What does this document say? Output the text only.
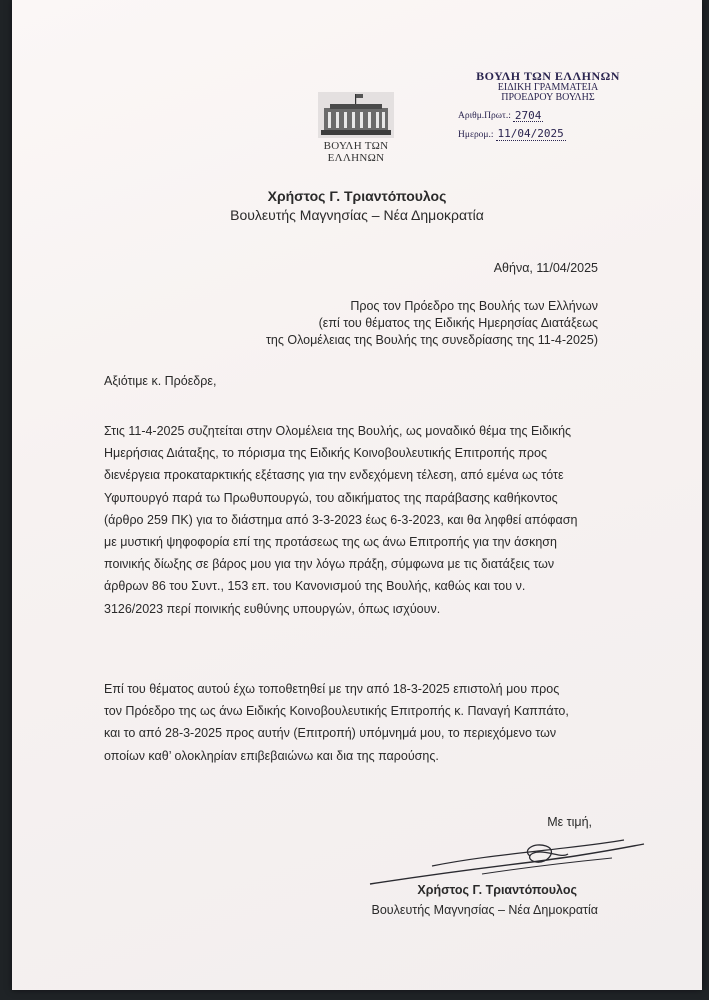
ΒΟΥΛΗ ΤΩΝ ΕΛΛΗΝΩΝ
ΕΙΔΙΚΗ ΓΡΑΜΜΑΤΕΙΑ
ΠΡΟΕΔΡΟΥ ΒΟΥΛΗΣ
Αριθμ.Πρωτ.: 2704
Ημερομ.: 11/04/2025
ΒΟΥΛΗ ΤΩΝ ΕΛΛΗΝΩΝ
Χρήστος Γ. Τριαντόπουλος
Βουλευτής Μαγνησίας – Νέα Δημοκρατία
Αθήνα, 11/04/2025
Προς τον Πρόεδρο της Βουλής των Ελλήνων
(επί του θέματος της Ειδικής Ημερησίας Διατάξεως
της Ολομέλειας της Βουλής της συνεδρίασης της 11-4-2025)
Αξιότιμε κ. Πρόεδρε,
Στις 11-4-2025 συζητείται στην Ολομέλεια της Βουλής, ως μοναδικό θέμα της Ειδικής
Ημερήσιας Διάταξης, το πόρισμα της Ειδικής Κοινοβουλευτικής Επιτροπής προς
διενέργεια προκαταρκτικής εξέτασης για την ενδεχόμενη τέλεση, από εμένα ως τότε
Υφυπουργό παρά τω Πρωθυπουργώ, του αδικήματος της παράβασης καθήκοντος
(άρθρο 259 ΠΚ) για το διάστημα από 3-3-2023 έως 6-3-2023, και θα ληφθεί απόφαση
με μυστική ψηφοφορία επί της προτάσεως της ως άνω Επιτροπής για την άσκηση
ποινικής δίωξης σε βάρος μου για την λόγω πράξη, σύμφωνα με τις διατάξεις των
άρθρων 86 του Συντ., 153 επ. του Κανονισμού της Βουλής, καθώς και του ν.
3126/2023 περί ποινικής ευθύνης υπουργών, όπως ισχύουν.
Επί του θέματος αυτού έχω τοποθετηθεί με την από 18-3-2025 επιστολή μου προς
τον Πρόεδρο της ως άνω Ειδικής Κοινοβουλευτικής Επιτροπής κ. Παναγή Καππάτο,
και το από 28-3-2025 προς αυτήν (Επιτροπή) υπόμνημά μου, το περιεχόμενο των
οποίων καθ’ ολοκληρίαν επιβεβαιώνω και δια της παρούσης.
Με τιμή,
Χρήστος Γ. Τριαντόπουλος
Βουλευτής Μαγνησίας – Νέα Δημοκρατία
